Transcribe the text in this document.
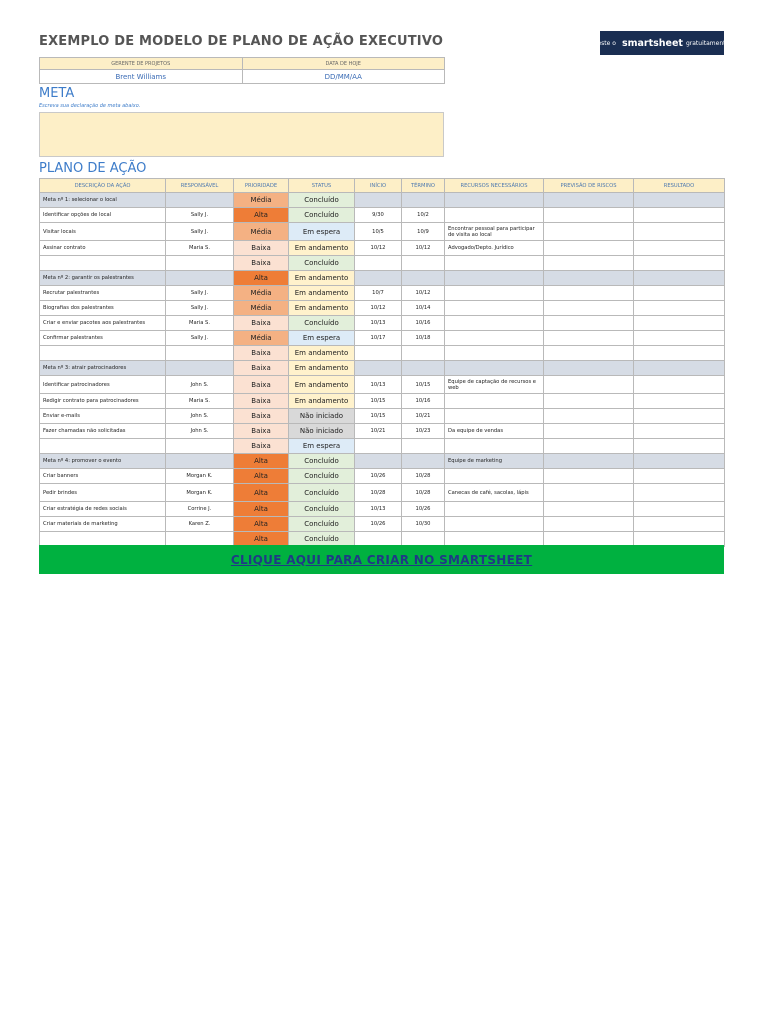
EXEMPLO DE MODELO DE PLANO DE AÇÃO EXECUTIVO	Teste o smartsheet gratuitamente
GERENTE DE PROJETOS	DATA DE HOJE
Brent Williams	DD/MM/AA
META
Escreva sua declaração de meta abaixo.
PLANO DE AÇÃO
DESCRIÇÃO DA AÇÃO	RESPONSÁVEL	PRIORIDADE	STATUS	INÍCIO	TÉRMINO	RECURSOS NECESSÁRIOS	PREVISÃO DE RISCOS	RESULTADO
Meta nº 1: selecionar o local		Média	Concluído					
Identificar opções de local	Sally J.	Alta	Concluído	9/30	10/2			
Visitar locais	Sally J.	Média	Em espera	10/5	10/9	Encontrar pessoal para participar de visita ao local		
Assinar contrato	Maria S.	Baixa	Em andamento	10/12	10/12	Advogado/Depto. Jurídico		
		Baixa	Concluído					
Meta nº 2: garantir os palestrantes		Alta	Em andamento					
Recrutar palestrantes	Sally J.	Média	Em andamento	10/7	10/12			
Biografias dos palestrantes	Sally J.	Média	Em andamento	10/12	10/14			
Criar e enviar pacotes aos palestrantes	Maria S.	Baixa	Concluído	10/13	10/16			
Confirmar palestrantes	Sally J.	Média	Em espera	10/17	10/18			
		Baixa	Em andamento					
Meta nº 3: atrair patrocinadores		Baixa	Em andamento					
Identificar patrocinadores	John S.	Baixa	Em andamento	10/13	10/15	Equipe de captação de recursos e web		
Redigir contrato para patrocinadores	Maria S.	Baixa	Em andamento	10/15	10/16			
Enviar e-mails	John S.	Baixa	Não iniciado	10/15	10/21			
Fazer chamadas não solicitadas	John S.	Baixa	Não iniciado	10/21	10/23	Da equipe de vendas		
		Baixa	Em espera					
Meta nº 4: promover o evento		Alta	Concluído			Equipe de marketing		
Criar banners	Morgan K.	Alta	Concluído	10/26	10/28			
Pedir brindes	Morgan K.	Alta	Concluído	10/28	10/28	Canecas de café, sacolas, lápis		
Criar estratégia de redes sociais	Corrine J.	Alta	Concluído	10/13	10/26			
Criar materiais de marketing	Karen Z.	Alta	Concluído	10/26	10/30			
		Alta	Concluído					
CLIQUE AQUI PARA CRIAR NO SMARTSHEET
